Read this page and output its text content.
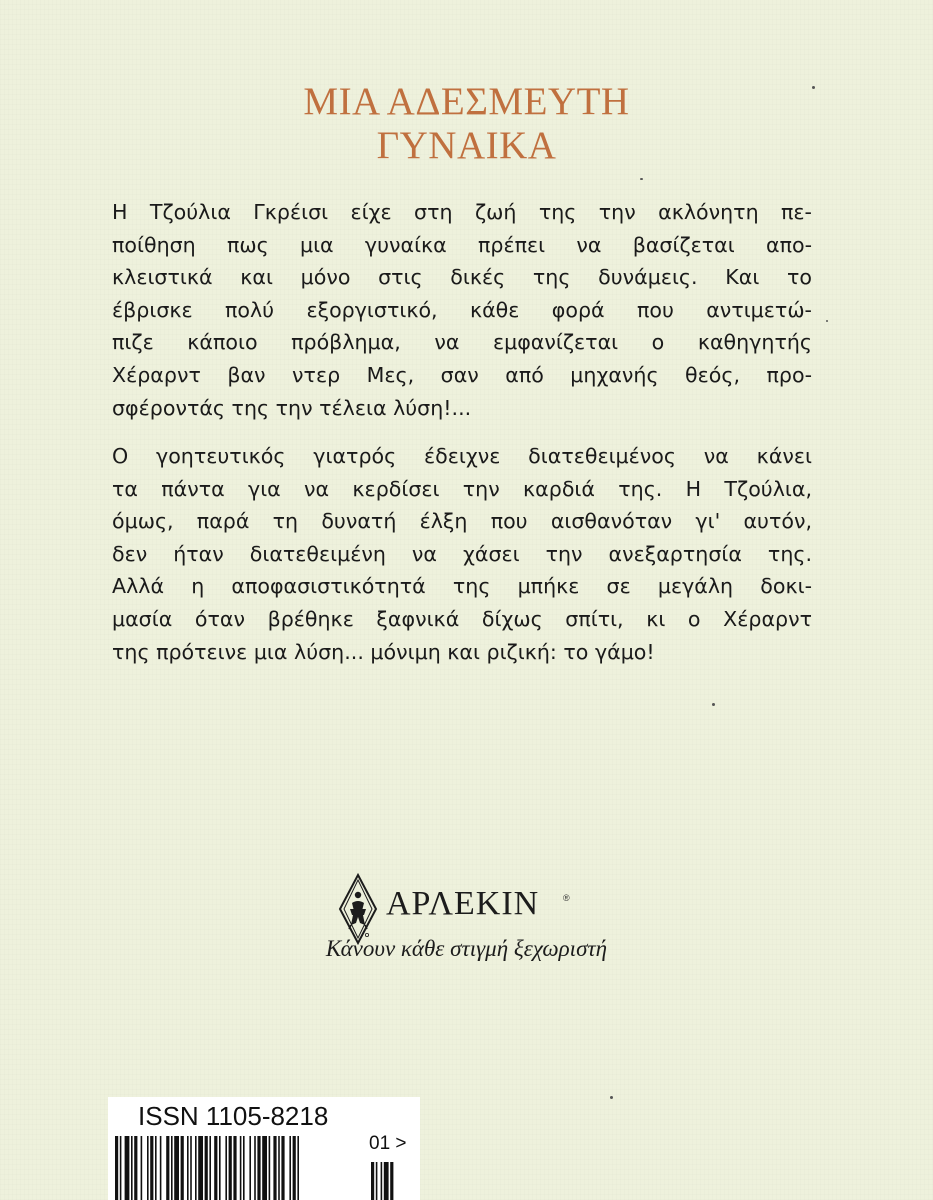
ΜΙΑ ΑΔΕΣΜΕΥΤΗ
ΓΥΝΑΙΚΑ

Η Τζούλια Γκρέισι είχε στη ζωή της την ακλόνητη πε-
ποίθηση πως μια γυναίκα πρέπει να βασίζεται απο-
κλειστικά και μόνο στις δικές της δυνάμεις. Και το
έβρισκε πολύ εξοργιστικό, κάθε φορά που αντιμετώ-
πιζε κάποιο πρόβλημα, να εμφανίζεται ο καθηγητής
Χέραρντ βαν ντερ Μες, σαν από μηχανής θεός, προ-
σφέροντάς της την τέλεια λύση!...

Ο γοητευτικός γιατρός έδειχνε διατεθειμένος να κάνει
τα πάντα για να κερδίσει την καρδιά της. Η Τζούλια,
όμως, παρά τη δυνατή έλξη που αισθανόταν γι' αυτόν,
δεν ήταν διατεθειμένη να χάσει την ανεξαρτησία της.
Αλλά η αποφασιστικότητά της μπήκε σε μεγάλη δοκι-
μασία όταν βρέθηκε ξαφνικά δίχως σπίτι, κι ο Χέραρντ
της πρότεινε μια λύση... μόνιμη και ριζική: το γάμο!

ΑΡΛΕΚΙΝ	®
Κάνουν κάθε στιγμή ξεχωριστή
ISSN 1105-8218
01 >
